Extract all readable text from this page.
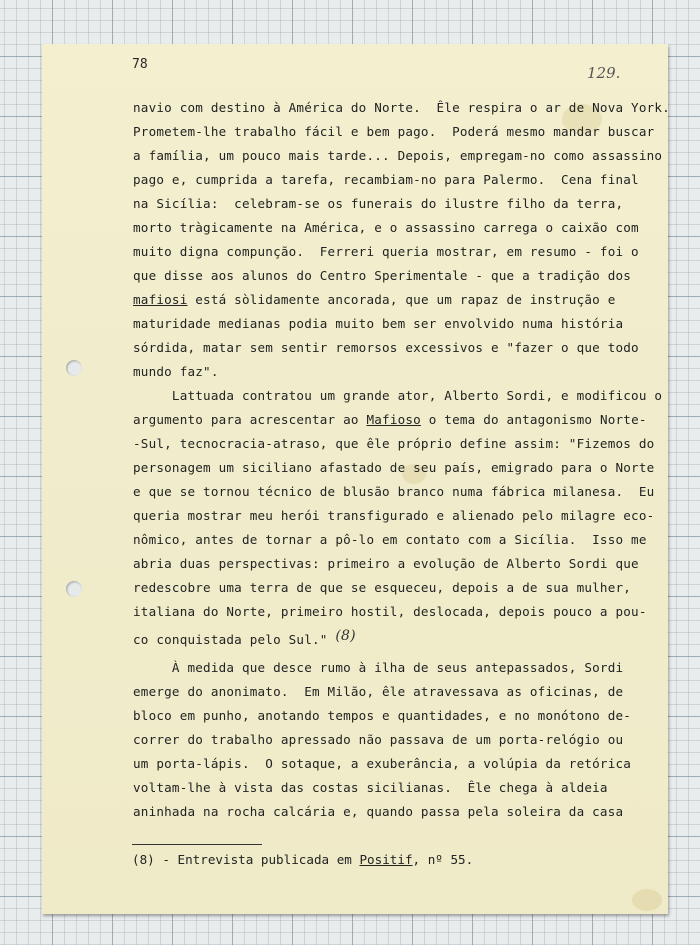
78	129.
navio com destino à América do Norte.  Êle respira o ar de Nova York.
Prometem-lhe trabalho fácil e bem pago.  Poderá mesmo mandar buscar
a família, um pouco mais tarde... Depois, empregam-no como assassino
pago e, cumprida a tarefa, recambiam-no para Palermo.  Cena final
na Sicília:  celebram-se os funerais do ilustre filho da terra,
morto tràgicamente na América, e o assassino carrega o caixão com
muito digna compunção.  Ferreri queria mostrar, em resumo - foi o
que disse aos alunos do Centro Sperimentale - que a tradição dos
mafiosi está sòlidamente ancorada, que um rapaz de instrução e
maturidade medianas podia muito bem ser envolvido numa história
sórdida, matar sem sentir remorsos excessivos e "fazer o que todo
mundo faz".
Lattuada contratou um grande ator, Alberto Sordi, e modificou o
argumento para acrescentar ao Mafioso o tema do antagonismo Norte-
-Sul, tecnocracia-atraso, que êle próprio define assim: "Fizemos do
personagem um siciliano afastado de seu país, emigrado para o Norte
e que se tornou técnico de blusão branco numa fábrica milanesa.  Eu
queria mostrar meu herói transfigurado e alienado pelo milagre eco-
nômico, antes de tornar a pô-lo em contato com a Sicília.  Isso me
abria duas perspectivas: primeiro a evolução de Alberto Sordi que
redescobre uma terra de que se esqueceu, depois a de sua mulher,
italiana do Norte, primeiro hostil, deslocada, depois pouco a pou-
co conquistada pelo Sul." (8)
À medida que desce rumo à ilha de seus antepassados, Sordi
emerge do anonimato.  Em Milão, êle atravessava as oficinas, de
bloco em punho, anotando tempos e quantidades, e no monótono de-
correr do trabalho apressado não passava de um porta-relógio ou
um porta-lápis.  O sotaque, a exuberância, a volúpia da retórica
voltam-lhe à vista das costas sicilianas.  Êle chega à aldeia
aninhada na rocha calcária e, quando passa pela soleira da casa
(8) - Entrevista publicada em Positif, nº 55.
